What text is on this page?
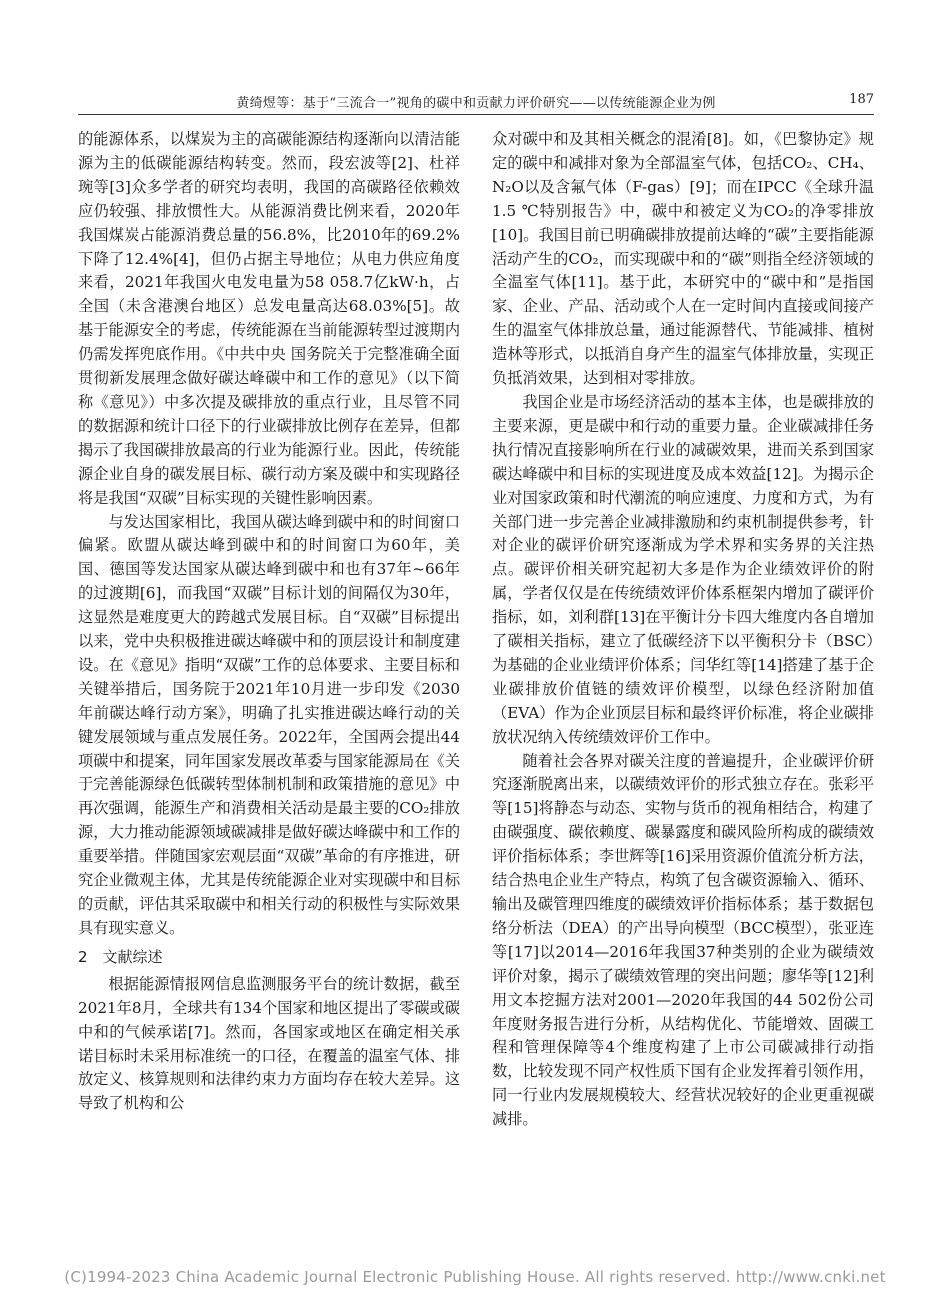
黄绮煜等：基于“三流合一”视角的碳中和贡献力评价研究——以传统能源企业为例	187

的能源体系，以煤炭为主的高碳能源结构逐渐向以清洁能源为主的低碳能源结构转变。然而，段宏波等[2]、杜祥琬等[3]众多学者的研究均表明，我国的高碳路径依赖效应仍较强、排放惯性大。从能源消费比例来看，2020年我国煤炭占能源消费总量的56.8%，比2010年的69.2%下降了12.4%[4]，但仍占据主导地位；从电力供应角度来看，2021年我国火电发电量为58 058.7亿kW·h，占全国（未含港澳台地区）总发电量高达68.03%[5]。故基于能源安全的考虑，传统能源在当前能源转型过渡期内仍需发挥兜底作用。《中共中央 国务院关于完整准确全面贯彻新发展理念做好碳达峰碳中和工作的意见》（以下简称《意见》）中多次提及碳排放的重点行业，且尽管不同的数据源和统计口径下的行业碳排放比例存在差异，但都揭示了我国碳排放最高的行业为能源行业。因此，传统能源企业自身的碳发展目标、碳行动方案及碳中和实现路径将是我国“双碳”目标实现的关键性影响因素。

与发达国家相比，我国从碳达峰到碳中和的时间窗口偏紧。欧盟从碳达峰到碳中和的时间窗口为60年，美国、德国等发达国家从碳达峰到碳中和也有37年~66年的过渡期[6]，而我国“双碳”目标计划的间隔仅为30年，这显然是难度更大的跨越式发展目标。自“双碳”目标提出以来，党中央积极推进碳达峰碳中和的顶层设计和制度建设。在《意见》指明“双碳”工作的总体要求、主要目标和关键举措后，国务院于2021年10月进一步印发《2030年前碳达峰行动方案》，明确了扎实推进碳达峰行动的关键发展领域与重点发展任务。2022年，全国两会提出44项碳中和提案，同年国家发展改革委与国家能源局在《关于完善能源绿色低碳转型体制机制和政策措施的意见》中再次强调，能源生产和消费相关活动是最主要的CO₂排放源，大力推动能源领域碳减排是做好碳达峰碳中和工作的重要举措。伴随国家宏观层面“双碳”革命的有序推进，研究企业微观主体，尤其是传统能源企业对实现碳中和目标的贡献，评估其采取碳中和相关行动的积极性与实际效果具有现实意义。

2　文献综述

根据能源情报网信息监测服务平台的统计数据，截至2021年8月，全球共有134个国家和地区提出了零碳或碳中和的气候承诺[7]。然而，各国家或地区在确定相关承诺目标时未采用标准统一的口径，在覆盖的温室气体、排放定义、核算规则和法律约束力方面均存在较大差异。这导致了机构和公

众对碳中和及其相关概念的混淆[8]。如，《巴黎协定》规定的碳中和减排对象为全部温室气体，包括CO₂、CH₄、N₂O以及含氟气体（F-gas）[9]；而在IPCC《全球升温1.5 ℃特别报告》中，碳中和被定义为CO₂的净零排放[10]。我国目前已明确碳排放提前达峰的“碳”主要指能源活动产生的CO₂，而实现碳中和的“碳”则指全经济领域的全温室气体[11]。基于此，本研究中的“碳中和”是指国家、企业、产品、活动或个人在一定时间内直接或间接产生的温室气体排放总量，通过能源替代、节能减排、植树造林等形式，以抵消自身产生的温室气体排放量，实现正负抵消效果，达到相对零排放。

我国企业是市场经济活动的基本主体，也是碳排放的主要来源，更是碳中和行动的重要力量。企业碳减排任务执行情况直接影响所在行业的减碳效果，进而关系到国家碳达峰碳中和目标的实现进度及成本效益[12]。为揭示企业对国家政策和时代潮流的响应速度、力度和方式，为有关部门进一步完善企业减排激励和约束机制提供参考，针对企业的碳评价研究逐渐成为学术界和实务界的关注热点。碳评价相关研究起初大多是作为企业绩效评价的附属，学者仅仅是在传统绩效评价体系框架内增加了碳评价指标，如，刘利群[13]在平衡计分卡四大维度内各自增加了碳相关指标，建立了低碳经济下以平衡积分卡（BSC）为基础的企业业绩评价体系；闫华红等[14]搭建了基于企业碳排放价值链的绩效评价模型，以绿色经济附加值（EVA）作为企业顶层目标和最终评价标准，将企业碳排放状况纳入传统绩效评价工作中。

随着社会各界对碳关注度的普遍提升，企业碳评价研究逐渐脱离出来，以碳绩效评价的形式独立存在。张彩平等[15]将静态与动态、实物与货币的视角相结合，构建了由碳强度、碳依赖度、碳暴露度和碳风险所构成的碳绩效评价指标体系；李世辉等[16]采用资源价值流分析方法，结合热电企业生产特点，构筑了包含碳资源输入、循环、输出及碳管理四维度的碳绩效评价指标体系；基于数据包络分析法（DEA）的产出导向模型（BCC模型），张亚连等[17]以2014—2016年我国37种类别的企业为碳绩效评价对象，揭示了碳绩效管理的突出问题；廖华等[12]利用文本挖掘方法对2001—2020年我国的44 502份公司年度财务报告进行分析，从结构优化、节能增效、固碳工程和管理保障等4个维度构建了上市公司碳减排行动指数，比较发现不同产权性质下国有企业发挥着引领作用，同一行业内发展规模较大、经营状况较好的企业更重视碳减排。

(C)1994-2023 China Academic Journal Electronic Publishing House. All rights reserved. http://www.cnki.net
